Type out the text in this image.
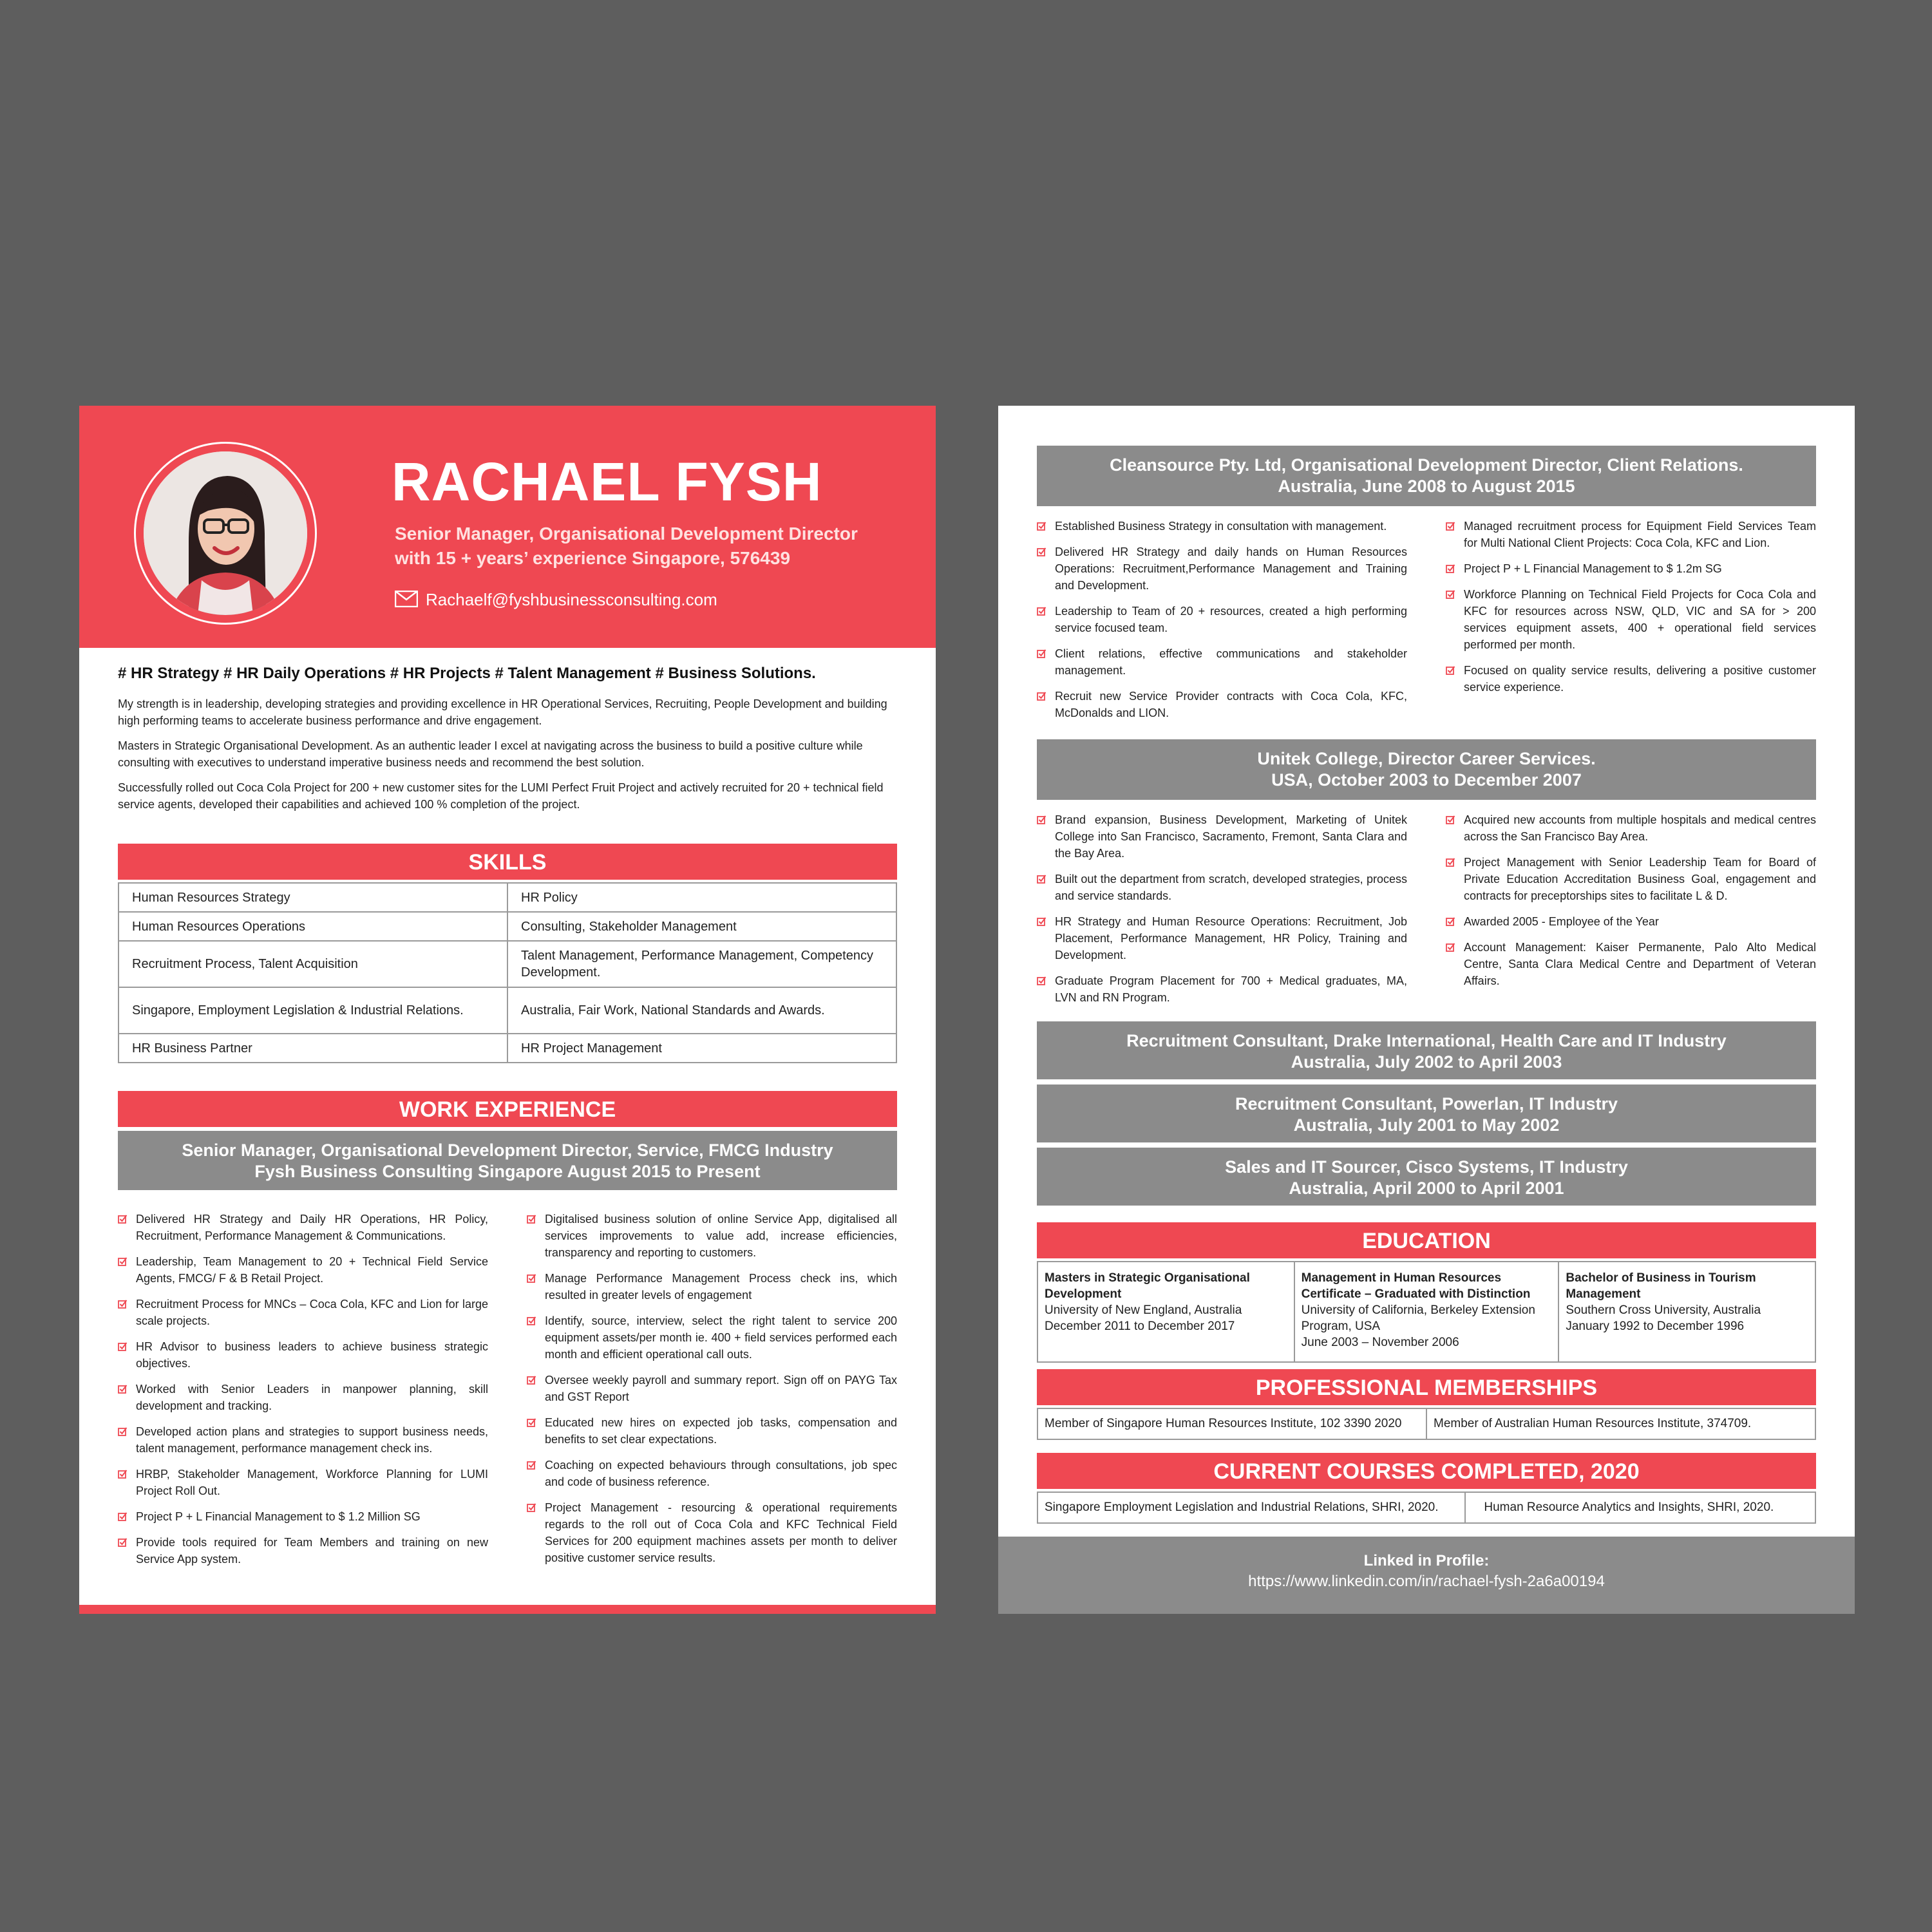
RACHAEL FYSH
Senior Manager, Organisational Development Director
with 15 + years’ experience Singapore, 576439
Rachaelf@fyshbusinessconsulting.com
# HR Strategy # HR Daily Operations # HR Projects # Talent Management # Business Solutions.

My strength is in leadership, developing strategies and providing excellence in HR Operational Services, Recruiting, People Development and building high performing teams to accelerate business performance and drive engagement.

Masters in Strategic Organisational Development. As an authentic leader I excel at navigating across the business to build a positive culture while consulting with executives to understand imperative business needs and recommend the best solution.

Successfully rolled out Coca Cola Project for 200 + new customer sites for the LUMI Perfect Fruit Project and actively recruited for 20 + technical field service agents, developed their capabilities and achieved 100 % completion of the project.

SKILLS
Human Resources Strategy	HR Policy
Human Resources Operations	Consulting, Stakeholder Management
Recruitment Process, Talent Acquisition	Talent Management, Performance Management, Competency Development.
Singapore, Employment Legislation & Industrial Relations.	Australia, Fair Work, National Standards and Awards.
HR Business Partner	HR Project Management
WORK EXPERIENCE
Senior Manager, Organisational Development Director, Service, FMCG Industry
Fysh Business Consulting Singapore August 2015 to Present
Delivered HR Strategy and Daily HR Operations, HR Policy, Recruitment, Performance Management & Communications.
Leadership, Team Management to 20 + Technical Field Service Agents, FMCG/ F & B Retail Project.
Recruitment Process for MNCs – Coca Cola, KFC and Lion for large scale projects.
HR Advisor to business leaders to achieve business strategic objectives.
Worked with Senior Leaders in manpower planning, skill development and tracking.
Developed action plans and strategies to support business needs, talent management, performance management check ins.
HRBP, Stakeholder Management, Workforce Planning for LUMI Project Roll Out.
Project P + L Financial Management to $ 1.2 Million SG
Provide tools required for Team Members and training on new Service App system.
Digitalised business solution of online Service App, digitalised all services improvements to value add, increase efficiencies, transparency and reporting to customers.
Manage Performance Management Process check ins, which resulted in greater levels of engagement
Identify, source, interview, select the right talent to service 200 equipment assets/per month ie. 400 + field services performed each month and efficient operational call outs.
Oversee weekly payroll and summary report. Sign off on PAYG Tax and GST Report
Educated new hires on expected job tasks, compensation and benefits to set clear expectations.
Coaching on expected behaviours through consultations, job spec and code of business reference.
Project Management - resourcing & operational requirements regards to the roll out of Coca Cola and KFC Technical Field Services for 200 equipment machines assets per month to deliver positive customer service results.
Cleansource Pty. Ltd, Organisational Development Director, Client Relations.
Australia, June 2008 to August 2015
Established Business Strategy in consultation with management.
Delivered HR Strategy and daily hands on Human Resources Operations: Recruitment,Performance Management and Training and Development.
Leadership to Team of 20 + resources, created a high performing service focused team.
Client relations, effective communications and stakeholder management.
Recruit new Service Provider contracts with Coca Cola, KFC, McDonalds and LION.
Managed recruitment process for Equipment Field Services Team for Multi National Client Projects: Coca Cola, KFC and Lion.
Project P + L Financial Management to $ 1.2m SG
Workforce Planning on Technical Field Projects for Coca Cola and KFC for resources across NSW, QLD, VIC and SA for > 200 services equipment assets, 400 + operational field services performed per month.
Focused on quality service results, delivering a positive customer service experience.
Unitek College, Director Career Services.
USA, October 2003 to December 2007
Brand expansion, Business Development, Marketing of Unitek College into San Francisco, Sacramento, Fremont, Santa Clara and the Bay Area.
Built out the department from scratch, developed strategies, process and service standards.
HR Strategy and Human Resource Operations: Recruitment, Job Placement, Performance Management, HR Policy, Training and Development.
Graduate Program Placement for 700 + Medical graduates, MA, LVN and RN Program.
Acquired new accounts from multiple hospitals and medical centres across the San Francisco Bay Area.
Project Management with Senior Leadership Team for Board of Private Education Accreditation Business Goal, engagement and contracts for preceptorships sites to facilitate L & D.
Awarded 2005 - Employee of the Year
Account Management: Kaiser Permanente, Palo Alto Medical Centre, Santa Clara Medical Centre and Department of Veteran Affairs.
Recruitment Consultant, Drake International, Health Care and IT Industry
Australia, July 2002 to April 2003
Recruitment Consultant, Powerlan, IT Industry
Australia, July 2001 to May 2002
Sales and IT Sourcer, Cisco Systems, IT Industry
Australia, April 2000 to April 2001
EDUCATION
Masters in Strategic Organisational Development
University of New England, Australia
December 2011 to December 2017	
Management in Human Resources Certificate – Graduated with Distinction
University of California, Berkeley Extension Program, USA
June 2003 – November 2006	
Bachelor of Business in Tourism Management
Southern Cross University, Australia
January 1992 to December 1996
PROFESSIONAL MEMBERSHIPS
Member of Singapore Human Resources Institute, 102 3390 2020	Member of Australian Human Resources Institute, 374709.
CURRENT COURSES COMPLETED, 2020
Singapore Employment Legislation and Industrial Relations, SHRI, 2020.	Human Resource Analytics and Insights, SHRI, 2020.
Linked in Profile:
https://www.linkedin.com/in/rachael-fysh-2a6a00194
